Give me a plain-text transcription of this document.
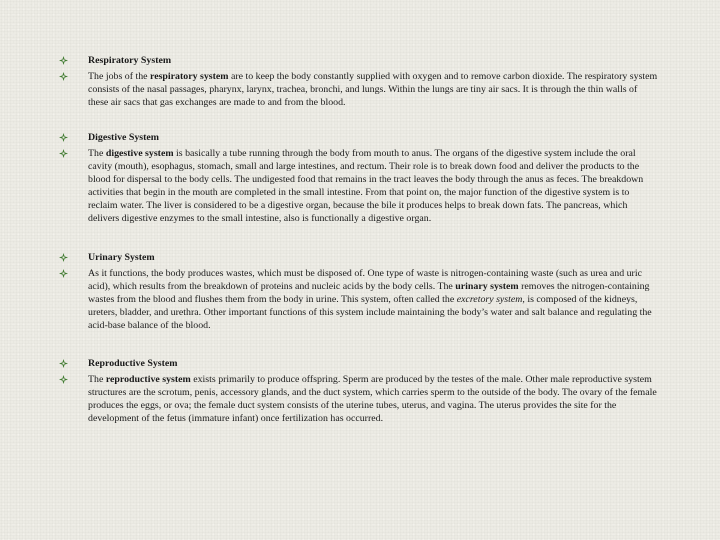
Respiratory System
The jobs of the respiratory system are to keep the body constantly supplied with oxygen and to remove carbon dioxide. The respiratory system consists of the nasal passages, pharynx, larynx, trachea, bronchi, and lungs. Within the lungs are tiny air sacs. It is through the thin walls of these air sacs that gas exchanges are made to and from the blood.
Digestive System
The digestive system is basically a tube running through the body from mouth to anus. The organs of the digestive system include the oral cavity (mouth), esophagus, stomach, small and large intestines, and rectum. Their role is to break down food and deliver the products to the blood for dispersal to the body cells. The undigested food that remains in the tract leaves the body through the anus as feces. The breakdown activities that begin in the mouth are completed in the small intestine. From that point on, the major function of the digestive system is to reclaim water. The liver is considered to be a digestive organ, because the bile it produces helps to break down fats. The pancreas, which delivers digestive enzymes to the small intestine, also is functionally a digestive organ.
Urinary System
As it functions, the body produces wastes, which must be disposed of. One type of waste is nitrogen-containing waste (such as urea and uric acid), which results from the breakdown of proteins and nucleic acids by the body cells. The urinary system removes the nitrogen-containing wastes from the blood and flushes them from the body in urine. This system, often called the excretory system, is composed of the kidneys, ureters, bladder, and urethra. Other important functions of this system include maintaining the body’s water and salt balance and regulating the acid-base balance of the blood.
Reproductive System
The reproductive system exists primarily to produce offspring. Sperm are produced by the testes of the male. Other male reproductive system structures are the scrotum, penis, accessory glands, and the duct system, which carries sperm to the outside of the body. The ovary of the female produces the eggs, or ova; the female duct system consists of the uterine tubes, uterus, and vagina. The uterus provides the site for the development of the fetus (immature infant) once fertilization has occurred.
